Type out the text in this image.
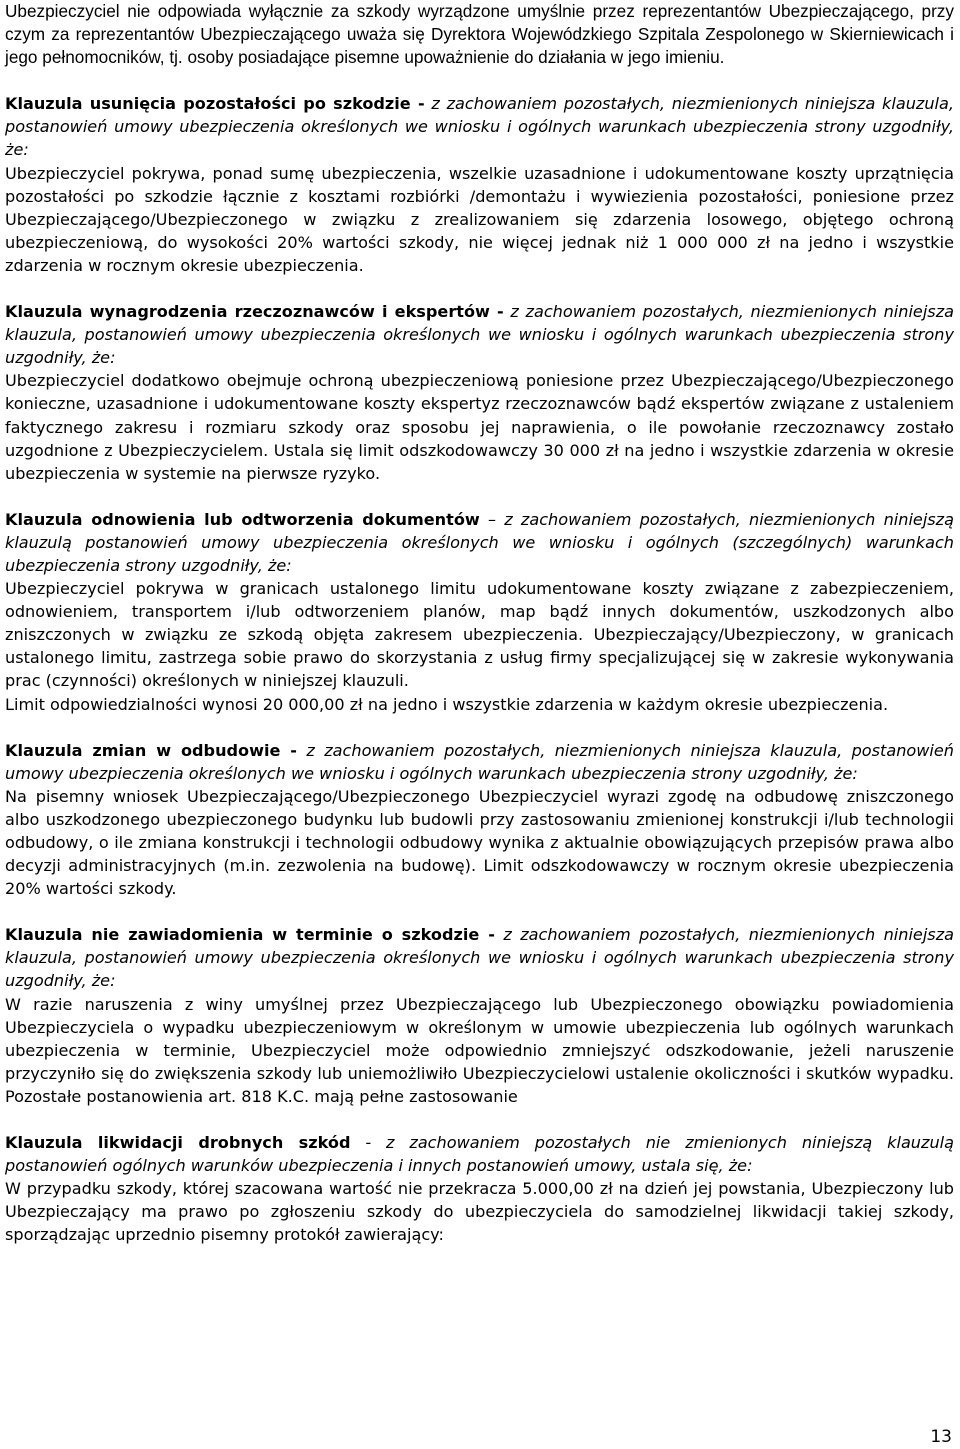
Ubezpieczyciel nie odpowiada wyłącznie za szkody wyrządzone umyślnie przez reprezentantów Ubezpieczającego, przy czym za reprezentantów Ubezpieczającego uważa się Dyrektora Wojewódzkiego Szpitala Zespolonego w Skierniewicach i jego pełnomocników, tj. osoby posiadające pisemne upoważnienie do działania w jego imieniu.

Klauzula usunięcia pozostałości po szkodzie - z zachowaniem pozostałych, niezmienionych niniejsza klauzula, postanowień umowy ubezpieczenia określonych we wniosku i ogólnych warunkach ubezpieczenia strony uzgodniły, że:

Ubezpieczyciel pokrywa, ponad sumę ubezpieczenia, wszelkie uzasadnione i udokumentowane koszty uprzątnięcia pozostałości po szkodzie łącznie z kosztami rozbiórki /demontażu i wywiezienia pozostałości, poniesione przez Ubezpieczającego/Ubezpieczonego w związku z zrealizowaniem się zdarzenia losowego, objętego ochroną ubezpieczeniową, do wysokości 20% wartości szkody, nie więcej jednak niż 1 000 000 zł na jedno i wszystkie zdarzenia w rocznym okresie ubezpieczenia.

Klauzula wynagrodzenia rzeczoznawców i ekspertów - z zachowaniem pozostałych, niezmienionych niniejsza klauzula, postanowień umowy ubezpieczenia określonych we wniosku i ogólnych warunkach ubezpieczenia strony uzgodniły, że:

Ubezpieczyciel dodatkowo obejmuje ochroną ubezpieczeniową poniesione przez Ubezpieczającego/Ubezpieczonego konieczne, uzasadnione i udokumentowane koszty ekspertyz rzeczoznawców bądź ekspertów związane z ustaleniem faktycznego zakresu i rozmiaru szkody oraz sposobu jej naprawienia, o ile powołanie rzeczoznawcy zostało uzgodnione z Ubezpieczycielem. Ustala się limit odszkodowawczy 30 000 zł na jedno i wszystkie zdarzenia w okresie ubezpieczenia w systemie na pierwsze ryzyko.

Klauzula odnowienia lub odtworzenia dokumentów – z zachowaniem pozostałych, niezmienionych niniejszą klauzulą postanowień umowy ubezpieczenia określonych we wniosku i ogólnych (szczególnych) warunkach ubezpieczenia strony uzgodniły, że:

Ubezpieczyciel pokrywa w granicach ustalonego limitu udokumentowane koszty związane z zabezpieczeniem, odnowieniem, transportem i/lub odtworzeniem planów, map bądź innych dokumentów, uszkodzonych albo zniszczonych w związku ze szkodą objęta zakresem ubezpieczenia. Ubezpieczający/Ubezpieczony, w granicach ustalonego limitu, zastrzega sobie prawo do skorzystania z usług firmy specjalizującej się w zakresie wykonywania prac (czynności) określonych w niniejszej klauzuli.

Limit odpowiedzialności wynosi 20 000,00 zł na jedno i wszystkie zdarzenia w każdym okresie ubezpieczenia.

Klauzula zmian w odbudowie - z zachowaniem pozostałych, niezmienionych niniejsza klauzula, postanowień umowy ubezpieczenia określonych we wniosku i ogólnych warunkach ubezpieczenia strony uzgodniły, że:

Na pisemny wniosek Ubezpieczającego/Ubezpieczonego Ubezpieczyciel wyrazi zgodę na odbudowę zniszczonego albo uszkodzonego ubezpieczonego budynku lub budowli przy zastosowaniu zmienionej konstrukcji i/lub technologii odbudowy, o ile zmiana konstrukcji i technologii odbudowy wynika z aktualnie obowiązujących przepisów prawa albo decyzji administracyjnych (m.in. zezwolenia na budowę). Limit odszkodowawczy w rocznym okresie ubezpieczenia 20% wartości szkody.

Klauzula nie zawiadomienia w terminie o szkodzie - z zachowaniem pozostałych, niezmienionych niniejsza klauzula, postanowień umowy ubezpieczenia określonych we wniosku i ogólnych warunkach ubezpieczenia strony uzgodniły, że:

W razie naruszenia z winy umyślnej przez Ubezpieczającego lub Ubezpieczonego obowiązku powiadomienia Ubezpieczyciela o wypadku ubezpieczeniowym w określonym w umowie ubezpieczenia lub ogólnych warunkach ubezpieczenia w terminie, Ubezpieczyciel może odpowiednio zmniejszyć odszkodowanie, jeżeli naruszenie przyczyniło się do zwiększenia szkody lub uniemożliwiło Ubezpieczycielowi ustalenie okoliczności i skutków wypadku. Pozostałe postanowienia art. 818 K.C. mają pełne zastosowanie

Klauzula likwidacji drobnych szkód - z zachowaniem pozostałych nie zmienionych niniejszą klauzulą postanowień ogólnych warunków ubezpieczenia i innych postanowień umowy, ustala się, że:

W przypadku szkody, której szacowana wartość nie przekracza 5.000,00 zł na dzień jej powstania, Ubezpieczony lub Ubezpieczający ma prawo po zgłoszeniu szkody do ubezpieczyciela do samodzielnej likwidacji takiej szkody, sporządzając uprzednio pisemny protokół zawierający:

13
